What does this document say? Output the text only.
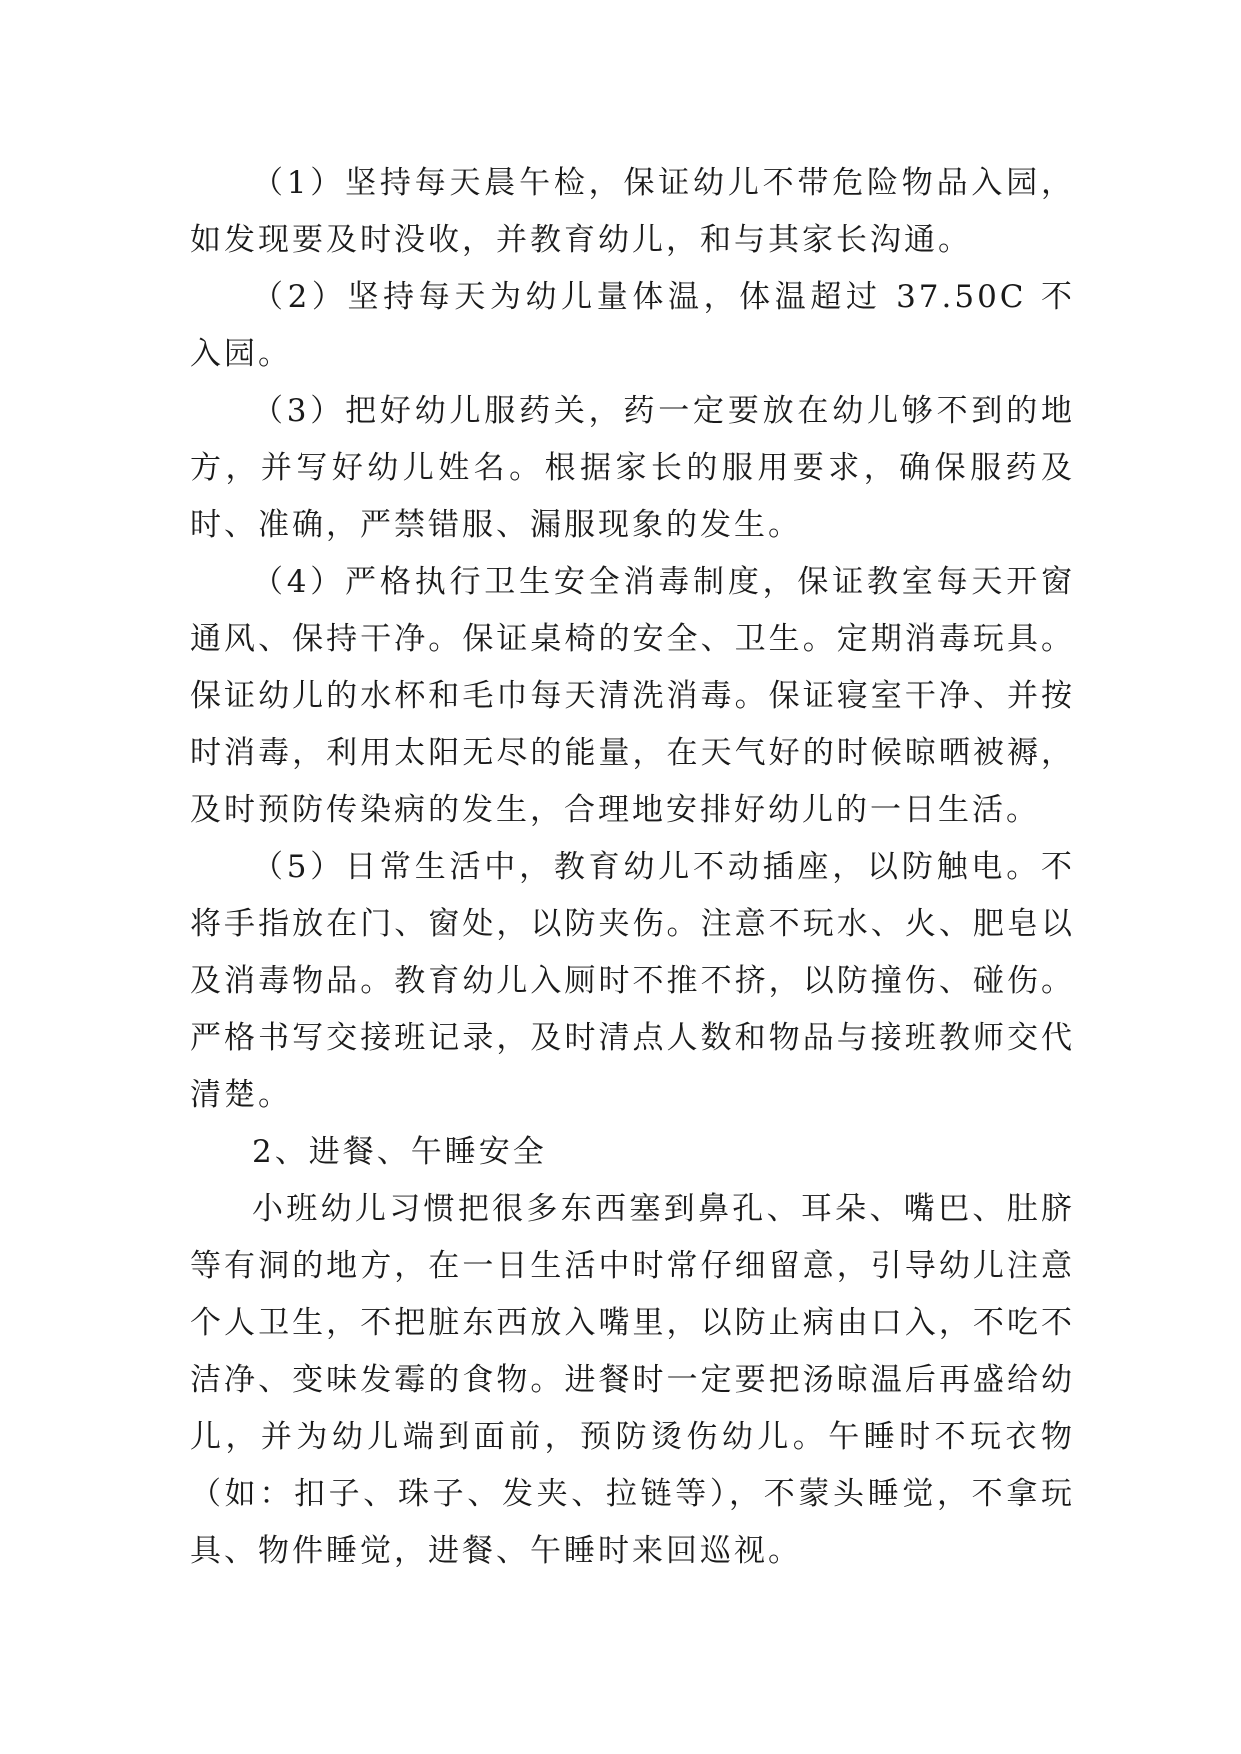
（1）坚持每天晨午检，保证幼儿不带危险物品入园，如发现要及时没收，并教育幼儿，和与其家长沟通。

（2）坚持每天为幼儿量体温，体温超过 37.50C 不入园。

（3）把好幼儿服药关，药一定要放在幼儿够不到的地方，并写好幼儿姓名。根据家长的服用要求，确保服药及时、准确，严禁错服、漏服现象的发生。

（4）严格执行卫生安全消毒制度，保证教室每天开窗通风、保持干净。保证桌椅的安全、卫生。定期消毒玩具。保证幼儿的水杯和毛巾每天清洗消毒。保证寝室干净、并按时消毒，利用太阳无尽的能量，在天气好的时候晾晒被褥，及时预防传染病的发生，合理地安排好幼儿的一日生活。

（5）日常生活中，教育幼儿不动插座，以防触电。不将手指放在门、窗处，以防夹伤。注意不玩水、火、肥皂以及消毒物品。教育幼儿入厕时不推不挤，以防撞伤、碰伤。严格书写交接班记录，及时清点人数和物品与接班教师交代清楚。

2、进餐、午睡安全

小班幼儿习惯把很多东西塞到鼻孔、耳朵、嘴巴、肚脐等有洞的地方，在一日生活中时常仔细留意，引导幼儿注意个人卫生，不把脏东西放入嘴里，以防止病由口入，不吃不洁净、变味发霉的食物。进餐时一定要把汤晾温后再盛给幼儿，并为幼儿端到面前，预防烫伤幼儿。午睡时不玩衣物（如：扣子、珠子、发夹、拉链等），不蒙头睡觉，不拿玩具、物件睡觉，进餐、午睡时来回巡视。
